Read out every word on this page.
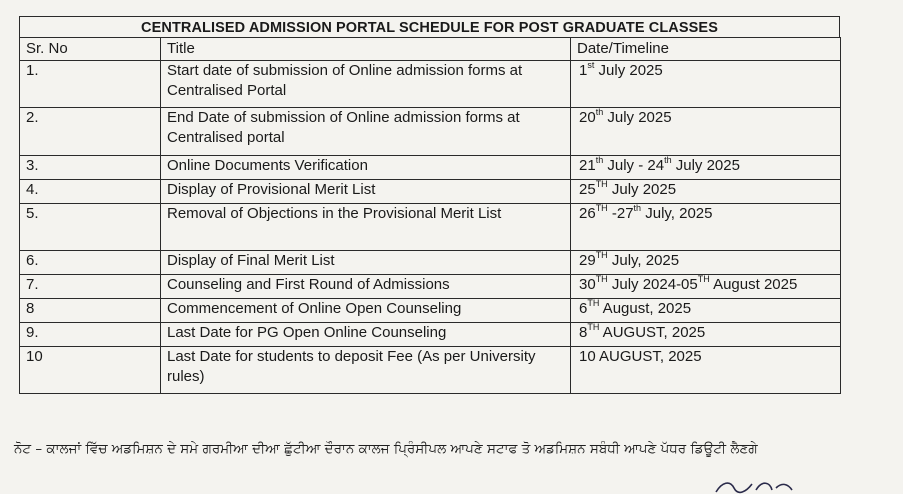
CENTRALISED ADMISSION PORTAL SCHEDULE FOR POST GRADUATE CLASSES
Sr. No	Title	Date/Timeline
1.	Start date of submission of Online admission forms at Centralised Portal	1st July 2025
2.	End Date of submission of Online admission forms at Centralised portal	20th July 2025
3.	Online Documents Verification	21th July - 24th July 2025
4.	Display of Provisional Merit List	25TH July 2025
5.	Removal of Objections in the Provisional Merit List	26TH -27th July, 2025
6.	Display of Final Merit List	29TH July, 2025
7.	Counseling and First Round of Admissions	30TH July 2024-05TH August 2025
8	Commencement of Online Open Counseling	6TH August, 2025
9.	Last Date for PG Open Online Counseling	8TH AUGUST, 2025
10	Last Date for students to deposit Fee (As per University rules)	10 AUGUST, 2025
ਨੋਟ – ਕਾਲਜਾਂ ਵਿੱਚ ਅਡਮਿਸ਼ਨ ਦੇ ਸਮੇ ਗਰਮੀਆ ਦੀਆ ਛੁੱਟੀਆ ਦੌਰਾਨ ਕਾਲਜ ਪ੍ਰਿੰਸੀਪਲ ਆਪਣੇ ਸਟਾਫ ਤੋ ਅਡਮਿਸ਼ਨ ਸਬੰਧੀ ਆਪਣੇ ਪੱਧਰ ਡਿਊਟੀ ਲੈਣਗੇ
